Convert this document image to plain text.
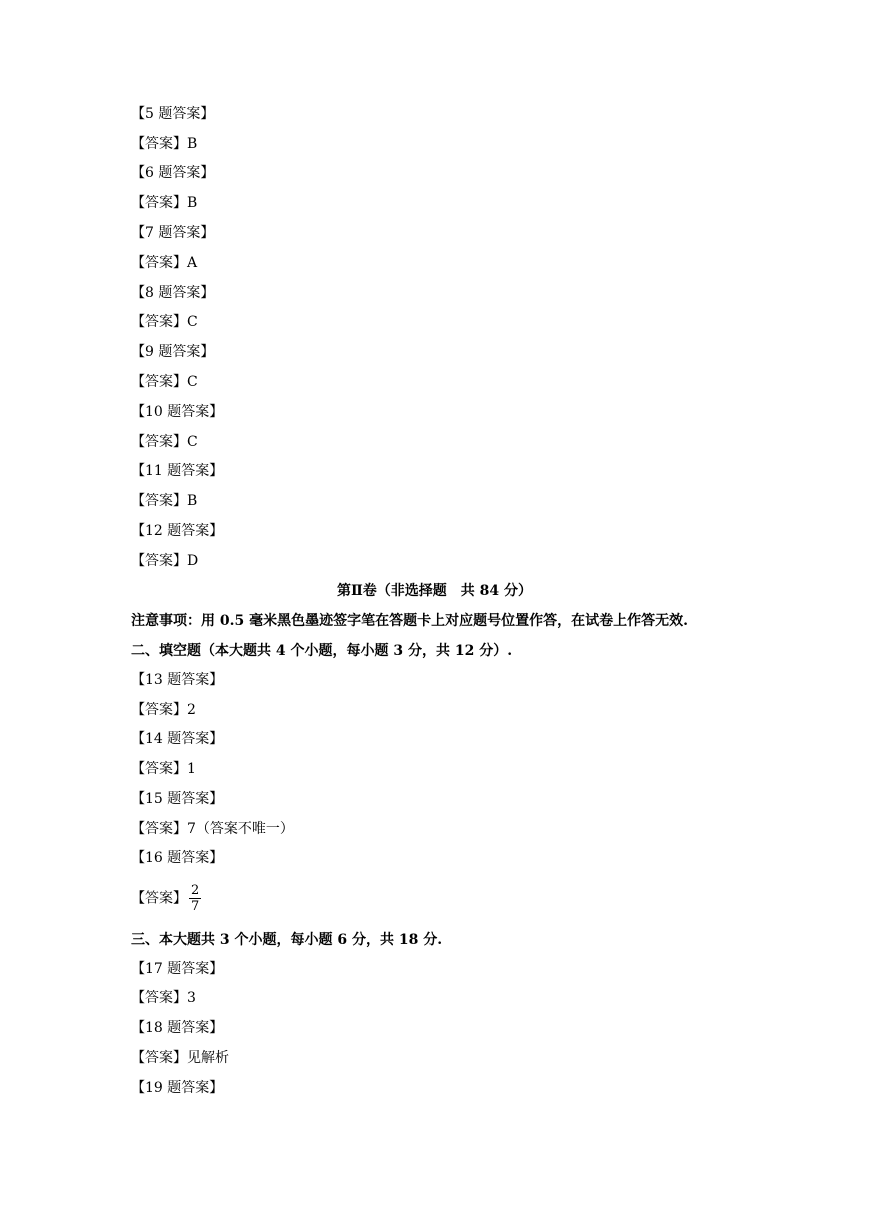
【5 题答案】
【答案】B
【6 题答案】
【答案】B
【7 题答案】
【答案】A
【8 题答案】
【答案】C
【9 题答案】
【答案】C
【10 题答案】
【答案】C
【11 题答案】
【答案】B
【12 题答案】
【答案】D
第Ⅱ卷（非选择题　共 84 分）
注意事项：用 0.5 毫米黑色墨迹签字笔在答题卡上对应题号位置作答，在试卷上作答无效.
二、填空题（本大题共 4 个小题，每小题 3 分，共 12 分）.
【13 题答案】
【答案】2
【14 题答案】
【答案】1
【15 题答案】
【答案】7（答案不唯一）
【16 题答案】
【答案】 $\frac{2}{7}$
三、本大题共 3 个小题，每小题 6 分，共 18 分.
【17 题答案】
【答案】3
【18 题答案】
【答案】见解析
【19 题答案】
